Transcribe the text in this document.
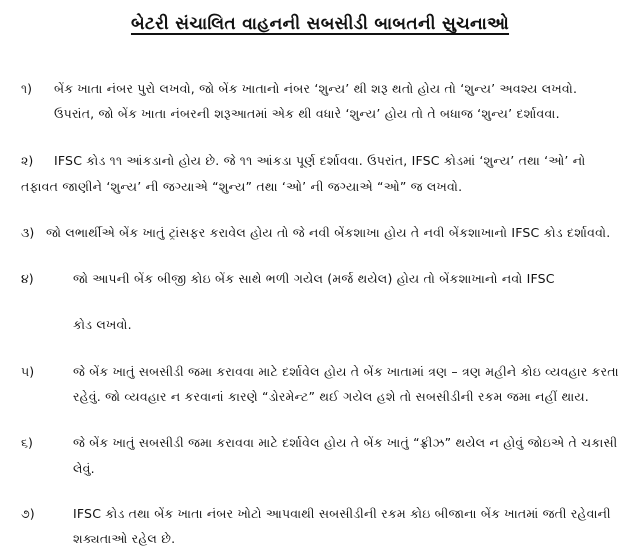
બેટરી સંચાલિત વાહનની સબસીડી બાબતની સુચનાઓ
૧) બેંક ખાતા નંબર પુરો લખવો, જો બેંક ખાતાનો નંબર ‘શુન્ય’ થી શરૂ થતો હોય તો ‘શુન્ય’ અવશ્ય લખવો.
ઉપરાંત, જો બેંક ખાતા નંબરની શરૂઆતમાં એક થી વધારે ‘શુન્ય’ હોય તો તે બધાજ ‘શુન્ય’ દર્શાવવા.
૨) IFSC કોડ ૧૧ આંકડાનો હોય છે. જે ૧૧ આંકડા પૂર્ણ દર્શાવવા. ઉપરાંત, IFSC કોડમાં ‘શુન્ય’ તથા ‘ઓ’ નો
તફાવત જાણીને ‘શુન્ય’ ની જગ્યાએ “શુન્ય” તથા ‘ઓ’ ની જગ્યાએ “ઓ” જ લખવો.
૩) જો લભાર્થીએ બેંક ખાતું ટ્રાંસફર કરાવેલ હોય તો જે નવી બેંકશાખા હોય તે નવી બેંકશાખાનો IFSC કોડ દર્શાવવો.
૪)	જો આપની બેંક બીજી કોઇ બેંક સાથે ભળી ગયેલ (મર્જ થયેલ) હોય તો બેંકશાખાનો નવો IFSC
કોડ લખવો.
૫)	જે બેંક ખાતું સબસીડી જમા કરાવવા માટે દર્શાવેલ હોય તે બેંક ખાતામાં ત્રણ – ત્રણ મહીને કોઇ વ્યવહાર કરતા
રહેવું. જો વ્યવહાર ન કરવાનાં કારણે “ડોરમેન્ટ” થઈ ગયેલ હશે તો સબસીડીની રકમ જમા નહીં થાય.
૬)	જે બેંક ખાતું સબસીડી જમા કરાવવા માટે દર્શાવેલ હોય તે બેંક ખાતું “ફ્રીઝ” થયેલ ન હોવું જોઇએ તે ચકાસી
લેવું.
૭)	IFSC કોડ તથા બેંક ખાતા નંબર ખોટો આપવાથી સબસીડીની રકમ કોઇ બીજાના બેંક ખાતમાં જતી રહેવાની
શક્યતાઓ રહેલ છે.
